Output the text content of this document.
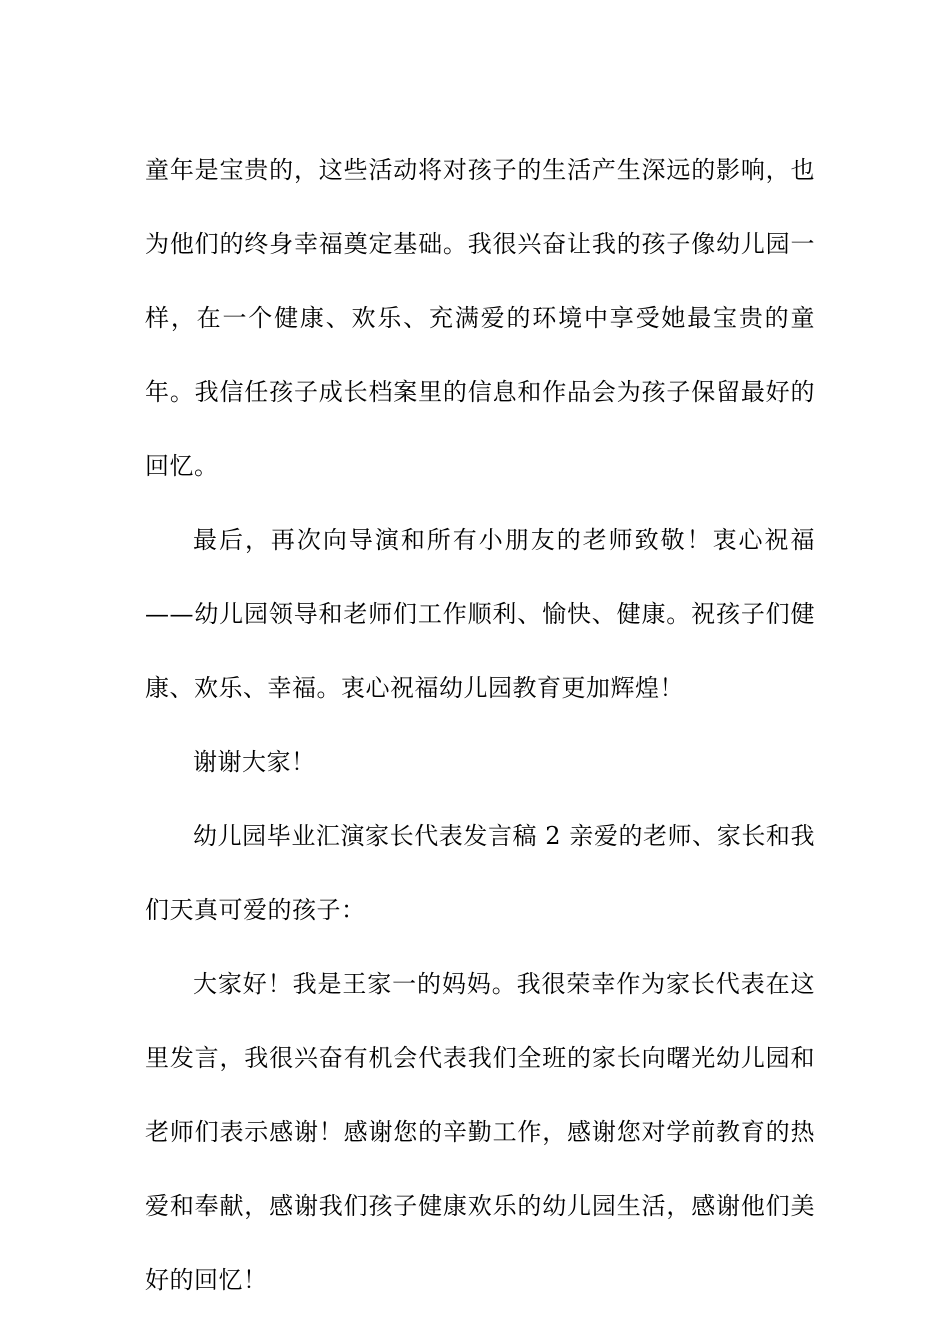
童年是宝贵的，这些活动将对孩子的生活产生深远的影响，也为他们的终身幸福奠定基础。我很兴奋让我的孩子像幼儿园一样，在一个健康、欢乐、充满爱的环境中享受她最宝贵的童年。我信任孩子成长档案里的信息和作品会为孩子保留最好的回忆。

最后，再次向导演和所有小朋友的老师致敬！衷心祝福——幼儿园领导和老师们工作顺利、愉快、健康。祝孩子们健康、欢乐、幸福。衷心祝福幼儿园教育更加辉煌！

谢谢大家！

幼儿园毕业汇演家长代表发言稿 2 亲爱的老师、家长和我们天真可爱的孩子：

大家好！我是王家一的妈妈。我很荣幸作为家长代表在这里发言，我很兴奋有机会代表我们全班的家长向曙光幼儿园和老师们表示感谢！感谢您的辛勤工作，感谢您对学前教育的热爱和奉献，感谢我们孩子健康欢乐的幼儿园生活，感谢他们美好的回忆！
